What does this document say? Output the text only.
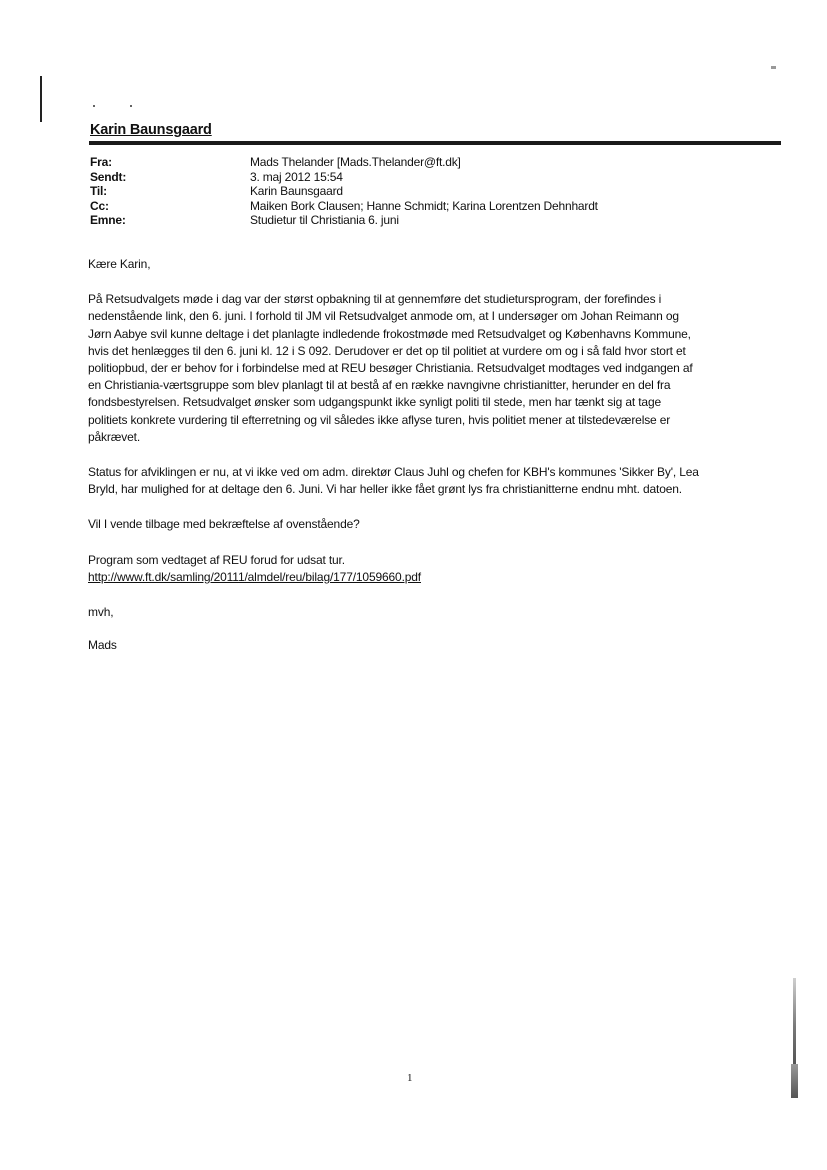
Karin Baunsgaard
Fra:	Mads Thelander [Mads.Thelander@ft.dk]
Sendt:	3. maj 2012 15:54
Til:	Karin Baunsgaard
Cc:	Maiken Bork Clausen; Hanne Schmidt; Karina Lorentzen Dehnhardt
Emne:	Studietur til Christiania 6. juni

Kære Karin,

På Retsudvalgets møde i dag var der størst opbakning til at gennemføre det studietursprogram, der forefindes i
nedenstående link, den 6. juni. I forhold til JM vil Retsudvalget anmode om, at I undersøger om Johan Reimann og
Jørn Aabye svil kunne deltage i det planlagte indledende frokostmøde med Retsudvalget og Københavns Kommune,
hvis det henlægges til den 6. juni kl. 12 i S 092. Derudover er det op til politiet at vurdere om og i så fald hvor stort et
politiopbud, der er behov for i forbindelse med at REU besøger Christiania. Retsudvalget modtages ved indgangen af
en Christiania-værtsgruppe som blev planlagt til at bestå af en række navngivne christianitter, herunder en del fra
fondsbestyrelsen. Retsudvalget ønsker som udgangspunkt ikke synligt politi til stede, men har tænkt sig at tage
politiets konkrete vurdering til efterretning og vil således ikke aflyse turen, hvis politiet mener at tilstedeværelse er
påkrævet.

Status for afviklingen er nu, at vi ikke ved om adm. direktør Claus Juhl og chefen for KBH's kommunes 'Sikker By', Lea
Bryld, har mulighed for at deltage den 6. Juni. Vi har heller ikke fået grønt lys fra christianitterne endnu mht. datoen.

Vil I vende tilbage med bekræftelse af ovenstående?

Program som vedtaget af REU forud for udsat tur.

http://www.ft.dk/samling/20111/almdel/reu/bilag/177/1059660.pdf

mvh,

Mads

1
